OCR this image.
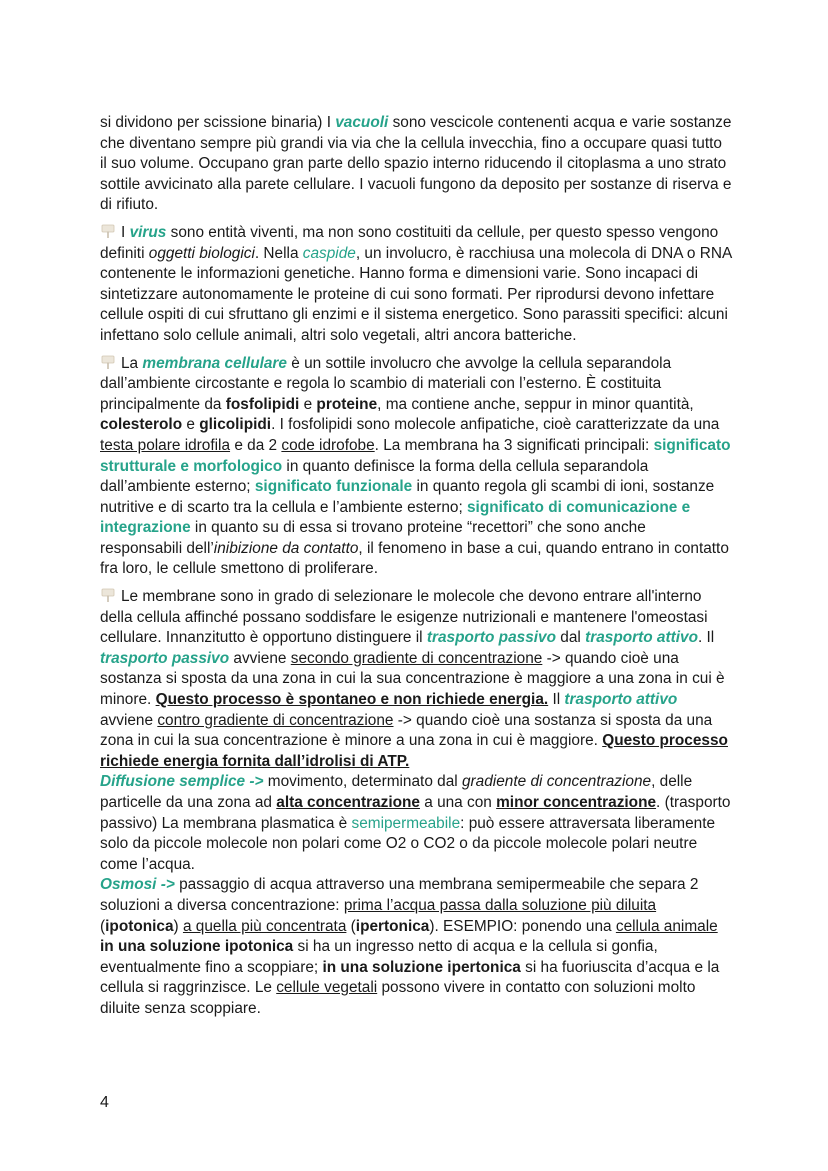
si dividono per scissione binaria) I vacuoli sono vescicole contenenti acqua e varie sostanze che diventano sempre più grandi via via che la cellula invecchia, fino a occupare quasi tutto il suo volume. Occupano gran parte dello spazio interno riducendo il citoplasma a uno strato sottile avvicinato alla parete cellulare. I vacuoli fungono da deposito per sostanze di riserva e di rifiuto.

I virus sono entità viventi, ma non sono costituiti da cellule, per questo spesso vengono definiti oggetti biologici. Nella caspide, un involucro, è racchiusa una molecola di DNA o RNA contenente le informazioni genetiche. Hanno forma e dimensioni varie. Sono incapaci di sintetizzare autonomamente le proteine di cui sono formati. Per riprodursi devono infettare cellule ospiti di cui sfruttano gli enzimi e il sistema energetico. Sono parassiti specifici: alcuni infettano solo cellule animali, altri solo vegetali, altri ancora batteriche.

La membrana cellulare è un sottile involucro che avvolge la cellula separandola dall’ambiente circostante e regola lo scambio di materiali con l’esterno. È costituita principalmente da fosfolipidi e proteine, ma contiene anche, seppur in minor quantità, colesterolo e glicolipidi. I fosfolipidi sono molecole anfipatiche, cioè caratterizzate da una testa polare idrofila e da 2 code idrofobe. La membrana ha 3 significati principali: significato strutturale e morfologico in quanto definisce la forma della cellula separandola dall’ambiente esterno; significato funzionale in quanto regola gli scambi di ioni, sostanze nutritive e di scarto tra la cellula e l’ambiente esterno; significato di comunicazione e integrazione in quanto su di essa si trovano proteine “recettori” che sono anche responsabili dell’inibizione da contatto, il fenomeno in base a cui, quando entrano in contatto fra loro, le cellule smettono di proliferare.

Le membrane sono in grado di selezionare le molecole che devono entrare all'interno della cellula affinché possano soddisfare le esigenze nutrizionali e mantenere l'omeostasi cellulare. Innanzitutto è opportuno distinguere il trasporto passivo dal trasporto attivo. Il trasporto passivo avviene secondo gradiente di concentrazione -> quando cioè una sostanza si sposta da una zona in cui la sua concentrazione è maggiore a una zona in cui è minore. Questo processo è spontaneo e non richiede energia. Il trasporto attivo avviene contro gradiente di concentrazione -> quando cioè una sostanza si sposta da una zona in cui la sua concentrazione è minore a una zona in cui è maggiore. Questo processo richiede energia fornita dall’idrolisi di ATP.

Diffusione semplice -> movimento, determinato dal gradiente di concentrazione, delle particelle da una zona ad alta concentrazione a una con minor concentrazione. (trasporto passivo) La membrana plasmatica è semipermeabile: può essere attraversata liberamente solo da piccole molecole non polari come O2 o CO2 o da piccole molecole polari neutre come l’acqua.

Osmosi -> passaggio di acqua attraverso una membrana semipermeabile che separa 2 soluzioni a diversa concentrazione: prima l’acqua passa dalla soluzione più diluita (ipotonica) a quella più concentrata (ipertonica). ESEMPIO: ponendo una cellula animale in una soluzione ipotonica si ha un ingresso netto di acqua e la cellula si gonfia, eventualmente fino a scoppiare; in una soluzione ipertonica si ha fuoriuscita d’acqua e la cellula si raggrinzisce. Le cellule vegetali possono vivere in contatto con soluzioni molto diluite senza scoppiare.

4
